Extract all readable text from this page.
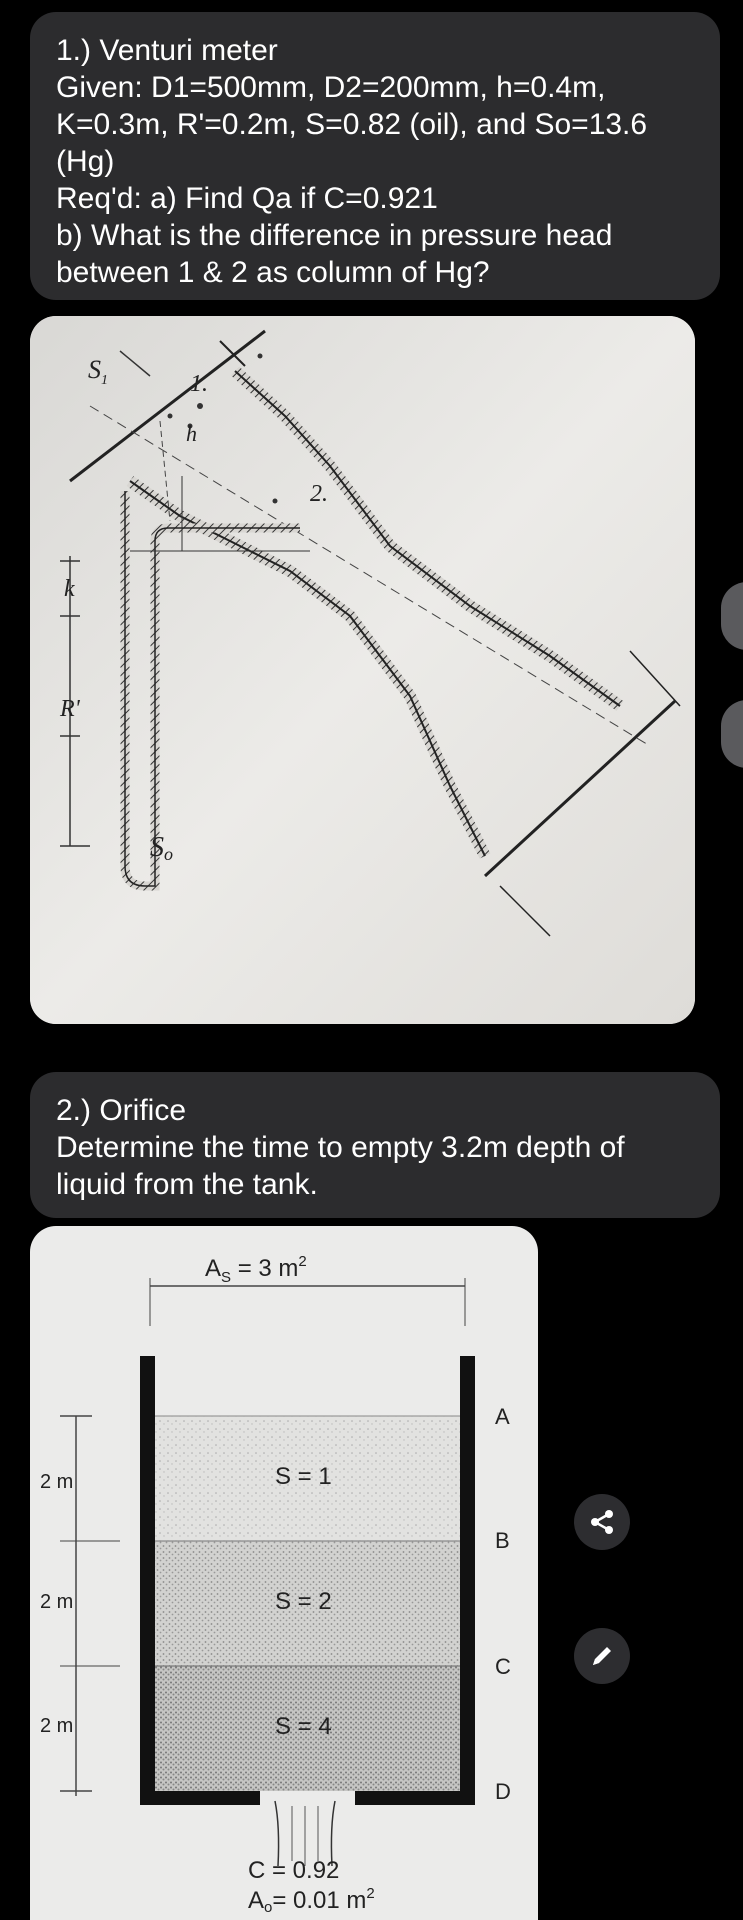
1.) Venturi meter
Given: D1=500mm, D2=200mm, h=0.4m,
K=0.3m, R'=0.2m, S=0.82 (oil), and So=13.6
(Hg)
Req'd: a) Find Qa if C=0.921
b) What is the difference in pressure head
between 1 & 2 as column of Hg?
$S_1$	1.
2.
h
k
R'
So
2.) Orifice
Determine the time to empty 3.2m depth of
liquid from the tank.
$A_S = 3$ $m^2$
2 m
2 m
2 m
S = 1
S = 2
S = 4
A
B
C
D
C = 0.92
Ao= 0.01 $m^2$
